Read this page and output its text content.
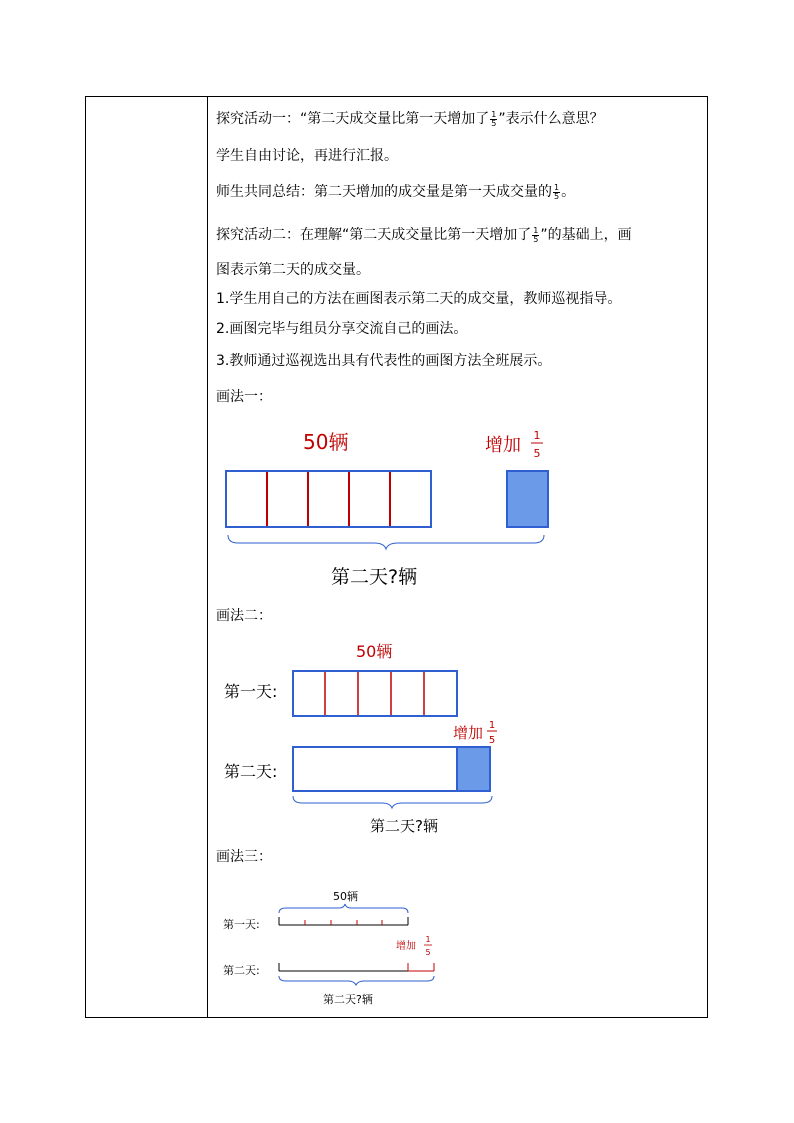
探究活动一：“第二天成交量比第一天增加了 $\frac{1}{5}$ ”表示什么意思？
学生自由讨论，再进行汇报。
师生共同总结：第二天增加的成交量是第一天成交量的 $\frac{1}{5}$ 。
探究活动二：在理解“第二天成交量比第一天增加了 $\frac{1}{5}$ ”的基础上，画
图表示第二天的成交量。
1.学生用自己的方法在画图表示第二天的成交量，教师巡视指导。
2.画图完毕与组员分享交流自己的画法。
3.教师通过巡视选出具有代表性的画图方法全班展示。
画法一：
50辆	增加 1
5
第二天?辆
画法二：
50辆
第一天:
增加 1
5
第二天:
第二天?辆
画法三：
50辆
第一天:
增加
1
5
第二天:
第二天?辆
